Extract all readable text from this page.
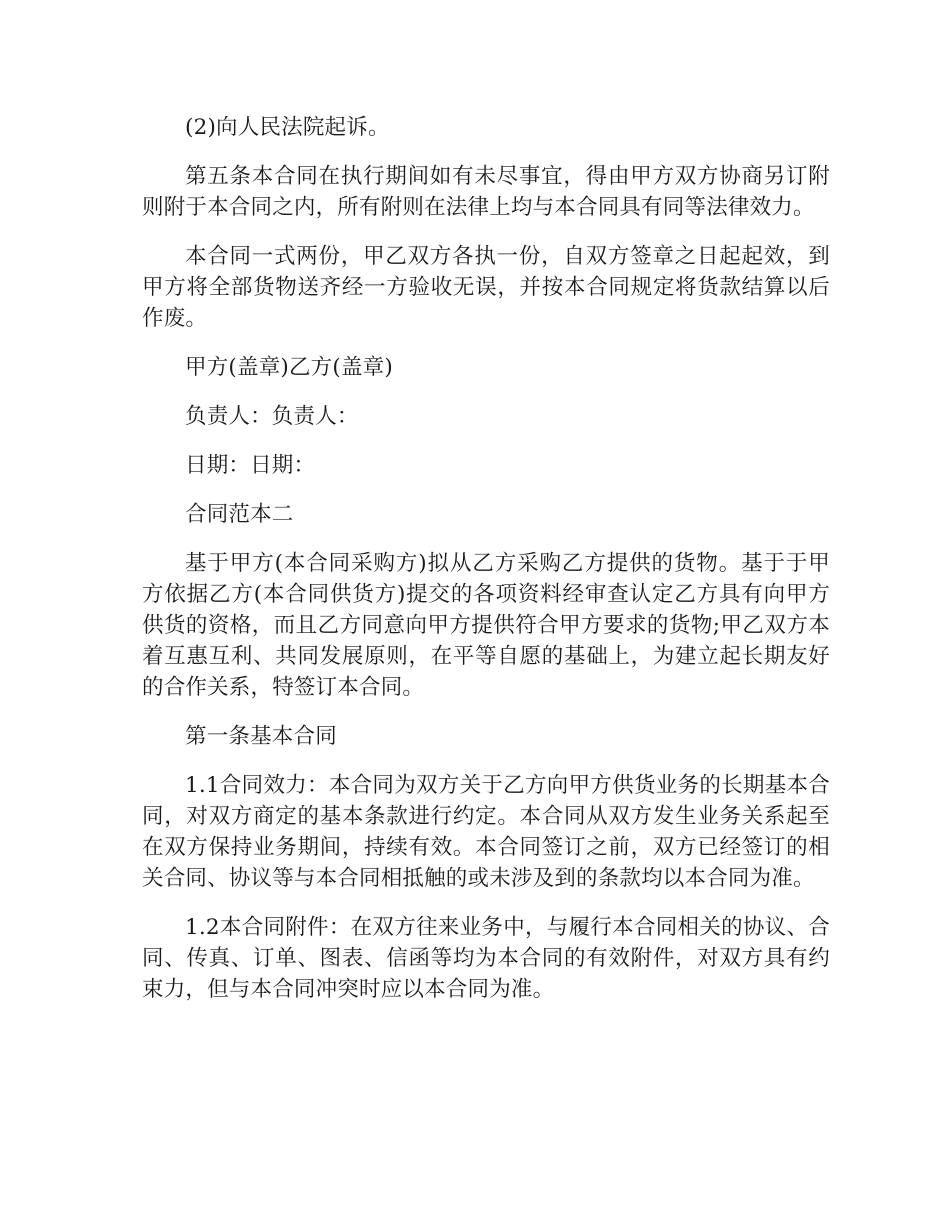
(2)向人民法院起诉。

第五条本合同在执行期间如有未尽事宜，得由甲方双方协商另订附则附于本合同之内，所有附则在法律上均与本合同具有同等法律效力。

本合同一式两份，甲乙双方各执一份，自双方签章之日起起效，到甲方将全部货物送齐经一方验收无误，并按本合同规定将货款结算以后作废。

甲方(盖章)乙方(盖章)

负责人：负责人：

日期：日期：

合同范本二

基于甲方(本合同采购方)拟从乙方采购乙方提供的货物。基于于甲方依据乙方(本合同供货方)提交的各项资料经审查认定乙方具有向甲方供货的资格，而且乙方同意向甲方提供符合甲方要求的货物;甲乙双方本着互惠互利、共同发展原则，在平等自愿的基础上，为建立起长期友好的合作关系，特签订本合同。

第一条基本合同

1.1合同效力：本合同为双方关于乙方向甲方供货业务的长期基本合同，对双方商定的基本条款进行约定。本合同从双方发生业务关系起至在双方保持业务期间，持续有效。本合同签订之前，双方已经签订的相关合同、协议等与本合同相抵触的或未涉及到的条款均以本合同为准。

1.2本合同附件：在双方往来业务中，与履行本合同相关的协议、合同、传真、订单、图表、信函等均为本合同的有效附件，对双方具有约束力，但与本合同冲突时应以本合同为准。
